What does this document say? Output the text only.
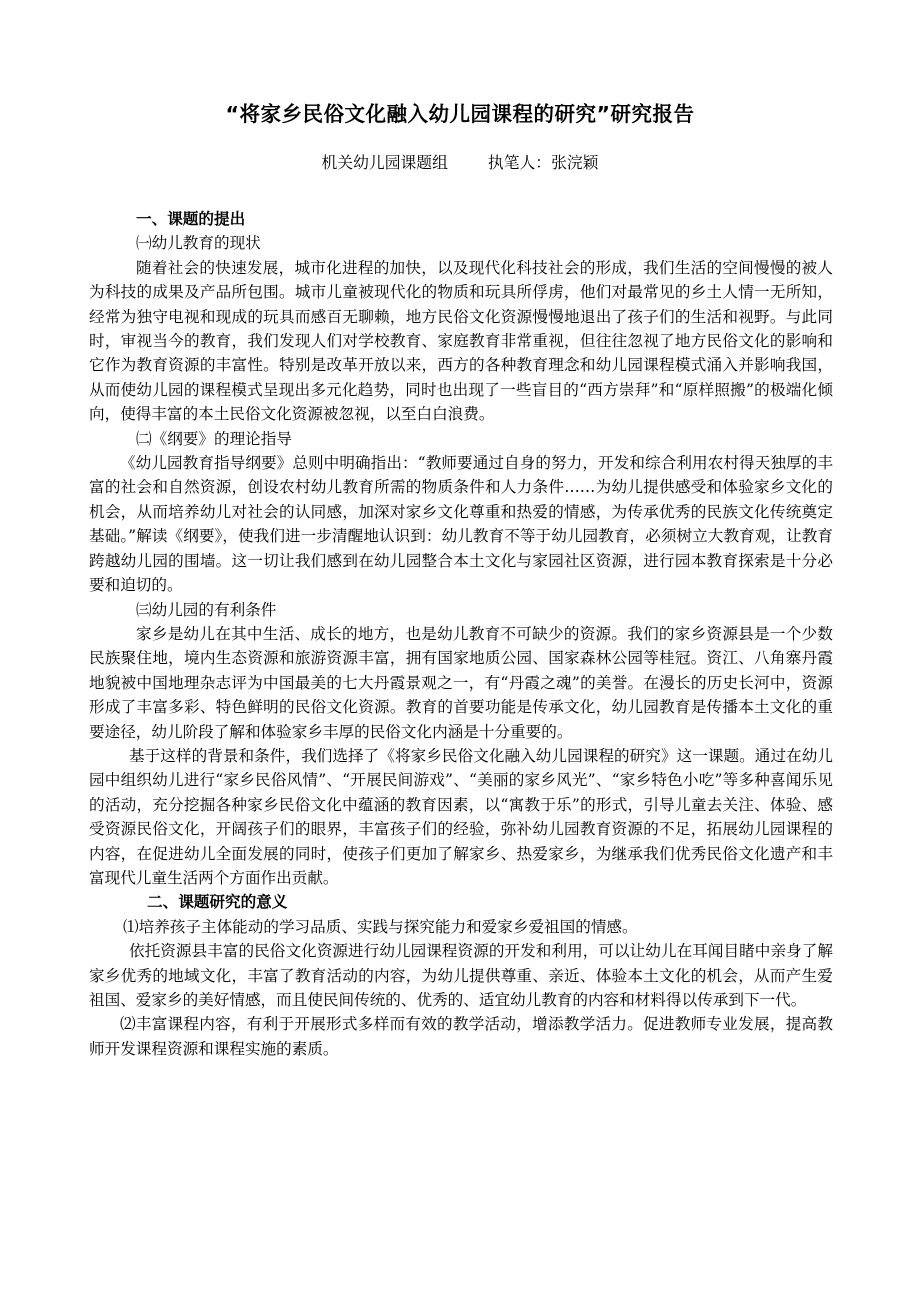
“将家乡民俗文化融入幼儿园课程的研究”研究报告
机关幼儿园课题组	执笔人：张浣颖

一、课题的提出

㈠幼儿教育的现状

随着社会的快速发展，城市化进程的加快，以及现代化科技社会的形成，我们生活的空间慢慢的被人为科技的成果及产品所包围。城市儿童被现代化的物质和玩具所俘虏，他们对最常见的乡土人情一无所知，经常为独守电视和现成的玩具而感百无聊赖，地方民俗文化资源慢慢地退出了孩子们的生活和视野。与此同时，审视当今的教育，我们发现人们对学校教育、家庭教育非常重视，但往往忽视了地方民俗文化的影响和它作为教育资源的丰富性。特别是改革开放以来，西方的各种教育理念和幼儿园课程模式涌入并影响我国，从而使幼儿园的课程模式呈现出多元化趋势，同时也出现了一些盲目的“西方崇拜”和“原样照搬”的极端化倾向，使得丰富的本土民俗文化资源被忽视，以至白白浪费。

㈡《纲要》的理论指导

《幼儿园教育指导纲要》总则中明确指出：“教师要通过自身的努力，开发和综合利用农村得天独厚的丰富的社会和自然资源，创设农村幼儿教育所需的物质条件和人力条件……为幼儿提供感受和体验家乡文化的机会，从而培养幼儿对社会的认同感，加深对家乡文化尊重和热爱的情感，为传承优秀的民族文化传统奠定基础。”解读《纲要》，使我们进一步清醒地认识到：幼儿教育不等于幼儿园教育，必须树立大教育观，让教育跨越幼儿园的围墙。这一切让我们感到在幼儿园整合本土文化与家园社区资源，进行园本教育探索是十分必要和迫切的。

㈢幼儿园的有利条件

家乡是幼儿在其中生活、成长的地方，也是幼儿教育不可缺少的资源。我们的家乡资源县是一个少数民族聚住地，境内生态资源和旅游资源丰富，拥有国家地质公园、国家森林公园等桂冠。资江、八角寨丹霞地貌被中国地理杂志评为中国最美的七大丹霞景观之一，有“丹霞之魂”的美誉。在漫长的历史长河中，资源形成了丰富多彩、特色鲜明的民俗文化资源。教育的首要功能是传承文化，幼儿园教育是传播本土文化的重要途径，幼儿阶段了解和体验家乡丰厚的民俗文化内涵是十分重要的。

基于这样的背景和条件，我们选择了《将家乡民俗文化融入幼儿园课程的研究》这一课题。通过在幼儿园中组织幼儿进行“家乡民俗风情”、“开展民间游戏”、“美丽的家乡风光”、“家乡特色小吃”等多种喜闻乐见的活动，充分挖掘各种家乡民俗文化中蕴涵的教育因素，以“寓教于乐”的形式，引导儿童去关注、体验、感受资源民俗文化，开阔孩子们的眼界，丰富孩子们的经验，弥补幼儿园教育资源的不足，拓展幼儿园课程的内容，在促进幼儿全面发展的同时，使孩子们更加了解家乡、热爱家乡，为继承我们优秀民俗文化遗产和丰富现代儿童生活两个方面作出贡献。

二、课题研究的意义

⑴培养孩子主体能动的学习品质、实践与探究能力和爱家乡爱祖国的情感。

依托资源县丰富的民俗文化资源进行幼儿园课程资源的开发和利用，可以让幼儿在耳闻目睹中亲身了解家乡优秀的地域文化，丰富了教育活动的内容，为幼儿提供尊重、亲近、体验本土文化的机会，从而产生爱祖国、爱家乡的美好情感，而且使民间传统的、优秀的、适宜幼儿教育的内容和材料得以传承到下一代。

⑵丰富课程内容，有利于开展形式多样而有效的教学活动，增添教学活力。促进教师专业发展，提高教师开发课程资源和课程实施的素质。
